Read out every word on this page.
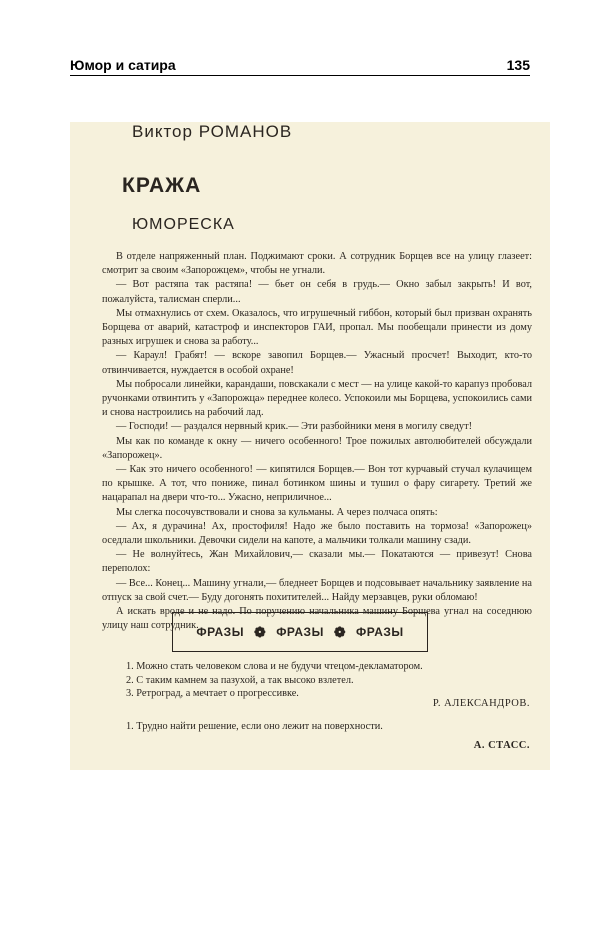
Юмор и сатира	135
Виктор РОМАНОВ
КРАЖА
ЮМОРЕСКА

В отделе напряженный план. Поджимают сроки. А сотрудник Борщев все на улицу глазеет: смотрит за своим «Запорожцем», чтобы не угнали.

— Вот растяпа так растяпа! — бьет он себя в грудь.— Окно забыл закрыть! И вот, пожалуйста, талисман сперли...

Мы отмахнулись от схем. Оказалось, что игрушечный гиббон, который был призван охранять Борщева от аварий, катастроф и инспекторов ГАИ, пропал. Мы пообещали принести из дому разных игрушек и снова за работу...

— Караул! Грабят! — вскоре завопил Борщев.— Ужасный просчет! Выходит, кто-то отвинчивается, нуждается в особой охране!

Мы побросали линейки, карандаши, повскакали с мест — на улице какой-то карапуз пробовал ручонками отвинтить у «Запорожца» переднее колесо. Успокоили мы Борщева, успокоились сами и снова настроились на рабочий лад.

— Господи! — раздался нервный крик.— Эти разбойники меня в могилу сведут!

Мы как по команде к окну — ничего особенного! Трое пожилых автолюбителей обсуждали «Запорожец».

— Как это ничего особенного! — кипятился Борщев.— Вон тот курчавый стучал кулачищем по крышке. А тот, что пониже, пинал ботинком шины и тушил о фару сигарету. Третий же нацарапал на двери что-то... Ужасно, неприличное...

Мы слегка посочувствовали и снова за кульманы. А через полчаса опять:

— Ах, я дурачина! Ах, простофиля! Надо же было поставить на тормоза! «Запорожец» оседлали школьники. Девочки сидели на капоте, а мальчики толкали машину сзади.

— Не волнуйтесь, Жан Михайлович,— сказали мы.— Покатаются — привезут! Снова переполох:

— Все... Конец... Машину угнали,— бледнеет Борщев и подсовывает начальнику заявление на отпуск за свой счет.— Буду догонять похитителей... Найду мерзавцев, руки обломаю!

А искать вроде и не надо. По поручению начальника машину Борщева угнал на соседнюю улицу наш сотрудник.

ФРАЗЫ ❁ ФРАЗЫ ❁ ФРАЗЫ
1. Можно стать человеком слова и не будучи чтецом-декламатором.
2. С таким камнем за пазухой, а так высоко взлетел.
3. Ретроград, а мечтает о прогрессивке.
Р. АЛЕКСАНДРОВ.
1. Трудно найти решение, если оно лежит на поверхности.
А. СТАСС.
